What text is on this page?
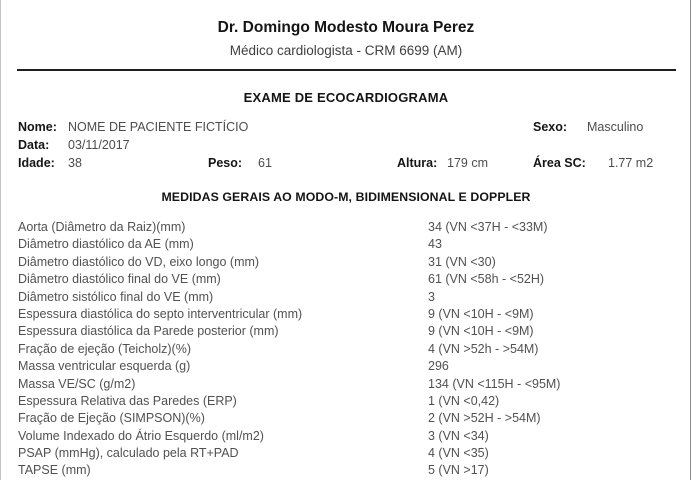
Dr. Domingo Modesto Moura Perez
Médico cardiologista - CRM 6699 (AM)
EXAME DE ECOCARDIOGRAMA
Nome: NOME DE PACIENTE FICTÍCIO	Sexo: Masculino
Data: 03/11/2017
Idade: 38	Peso: 61	Altura: 179 cm	Área SC: 1.77 m2
MEDIDAS GERAIS AO MODO-M, BIDIMENSIONAL E DOPPLER
Aorta (Diâmetro da Raiz)(mm)	34 (VN <37H - <33M)
Diâmetro diastólico da AE (mm)	43
Diâmetro diastólico do VD, eixo longo (mm)	31 (VN <30)
Diâmetro diastólico final do VE (mm)	61 (VN <58h - <52H)
Diâmetro sistólico final do VE (mm)	3
Espessura diastólica do septo interventricular (mm)	9 (VN <10H - <9M)
Espessura diastólica da Parede posterior (mm)	9 (VN <10H - <9M)
Fração de ejeção (Teicholz)(%)	4 (VN >52h - >54M)
Massa ventricular esquerda (g)	296
Massa VE/SC (g/m2)	134 (VN <115H - <95M)
Espessura Relativa das Paredes (ERP)	1 (VN <0,42)
Fração de Ejeção (SIMPSON)(%)	2 (VN >52H - >54M)
Volume Indexado do Átrio Esquerdo (ml/m2)	3 (VN <34)
PSAP (mmHg), calculado pela RT+PAD	4 (VN <35)
TAPSE (mm)	5 (VN >17)
